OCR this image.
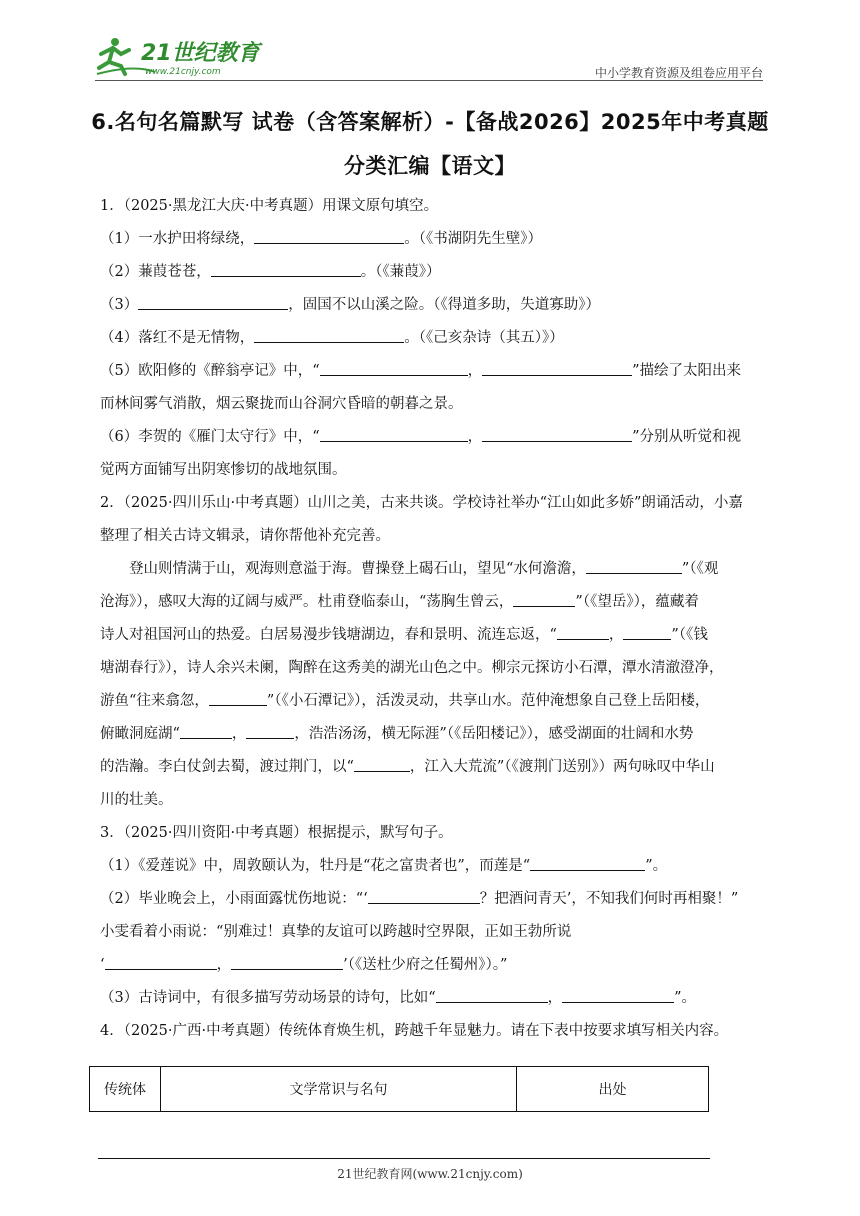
21世纪教育
www.21cnjy.com	中小学教育资源及组卷应用平台
6.名句名篇默写 试卷（含答案解析）-【备战2026】2025年中考真题
分类汇编【语文】

1．（2025·黑龙江大庆·中考真题）用课文原句填空。

（1）一水护田将绿绕，	。（《书湖阴先生壁》）

（2）蒹葭苍苍，	。（《蒹葭》）

（3）	，固国不以山溪之险。（《得道多助，失道寡助》）

（4）落红不是无情物，	。（《己亥杂诗（其五）》）

（5）欧阳修的《醉翁亭记》中，“	，	”描绘了太阳出来

而林间雾气消散，烟云聚拢而山谷洞穴昏暗的朝暮之景。

（6）李贺的《雁门太守行》中，“	，	”分别从听觉和视

觉两方面铺写出阴寒惨切的战地氛围。

2．（2025·四川乐山·中考真题）山川之美，古来共谈。学校诗社举办“江山如此多娇”朗诵活动，小嘉

整理了相关古诗文辑录，请你帮他补充完善。

登山则情满于山，观海则意溢于海。曹操登上碣石山，望见“水何澹澹，	”（《观

沧海》），感叹大海的辽阔与威严。杜甫登临泰山，“荡胸生曾云，	”（《望岳》），蕴藏着

诗人对祖国河山的热爱。白居易漫步钱塘湖边，春和景明、流连忘返，“	，	”（《钱

塘湖春行》），诗人余兴未阑，陶醉在这秀美的湖光山色之中。柳宗元探访小石潭，潭水清澈澄净，

游鱼“往来翕忽，	”（《小石潭记》），活泼灵动，共享山水。范仲淹想象自己登上岳阳楼，

俯瞰洞庭湖“	，	，浩浩汤汤，横无际涯”（《岳阳楼记》），感受湖面的壮阔和水势

的浩瀚。李白仗剑去蜀，渡过荆门，以“	，江入大荒流”（《渡荆门送别》）两句咏叹中华山

川的壮美。

3．（2025·四川资阳·中考真题）根据提示，默写句子。

（1）《爱莲说》中，周敦颐认为，牡丹是“花之富贵者也”，而莲是“	”。

（2）毕业晚会上，小雨面露忧伤地说：“‘	？把酒问青天’，不知我们何时再相聚！”

小雯看着小雨说：“别难过！真挚的友谊可以跨越时空界限，正如王勃所说

‘	，	’（《送杜少府之任蜀州》）。”

（3）古诗词中，有很多描写劳动场景的诗句，比如“	，	”。

4．（2025·广西·中考真题）传统体育焕生机，跨越千年显魅力。请在下表中按要求填写相关内容。

传统体	文学常识与名句	出处
21世纪教育网(www.21cnjy.com)
